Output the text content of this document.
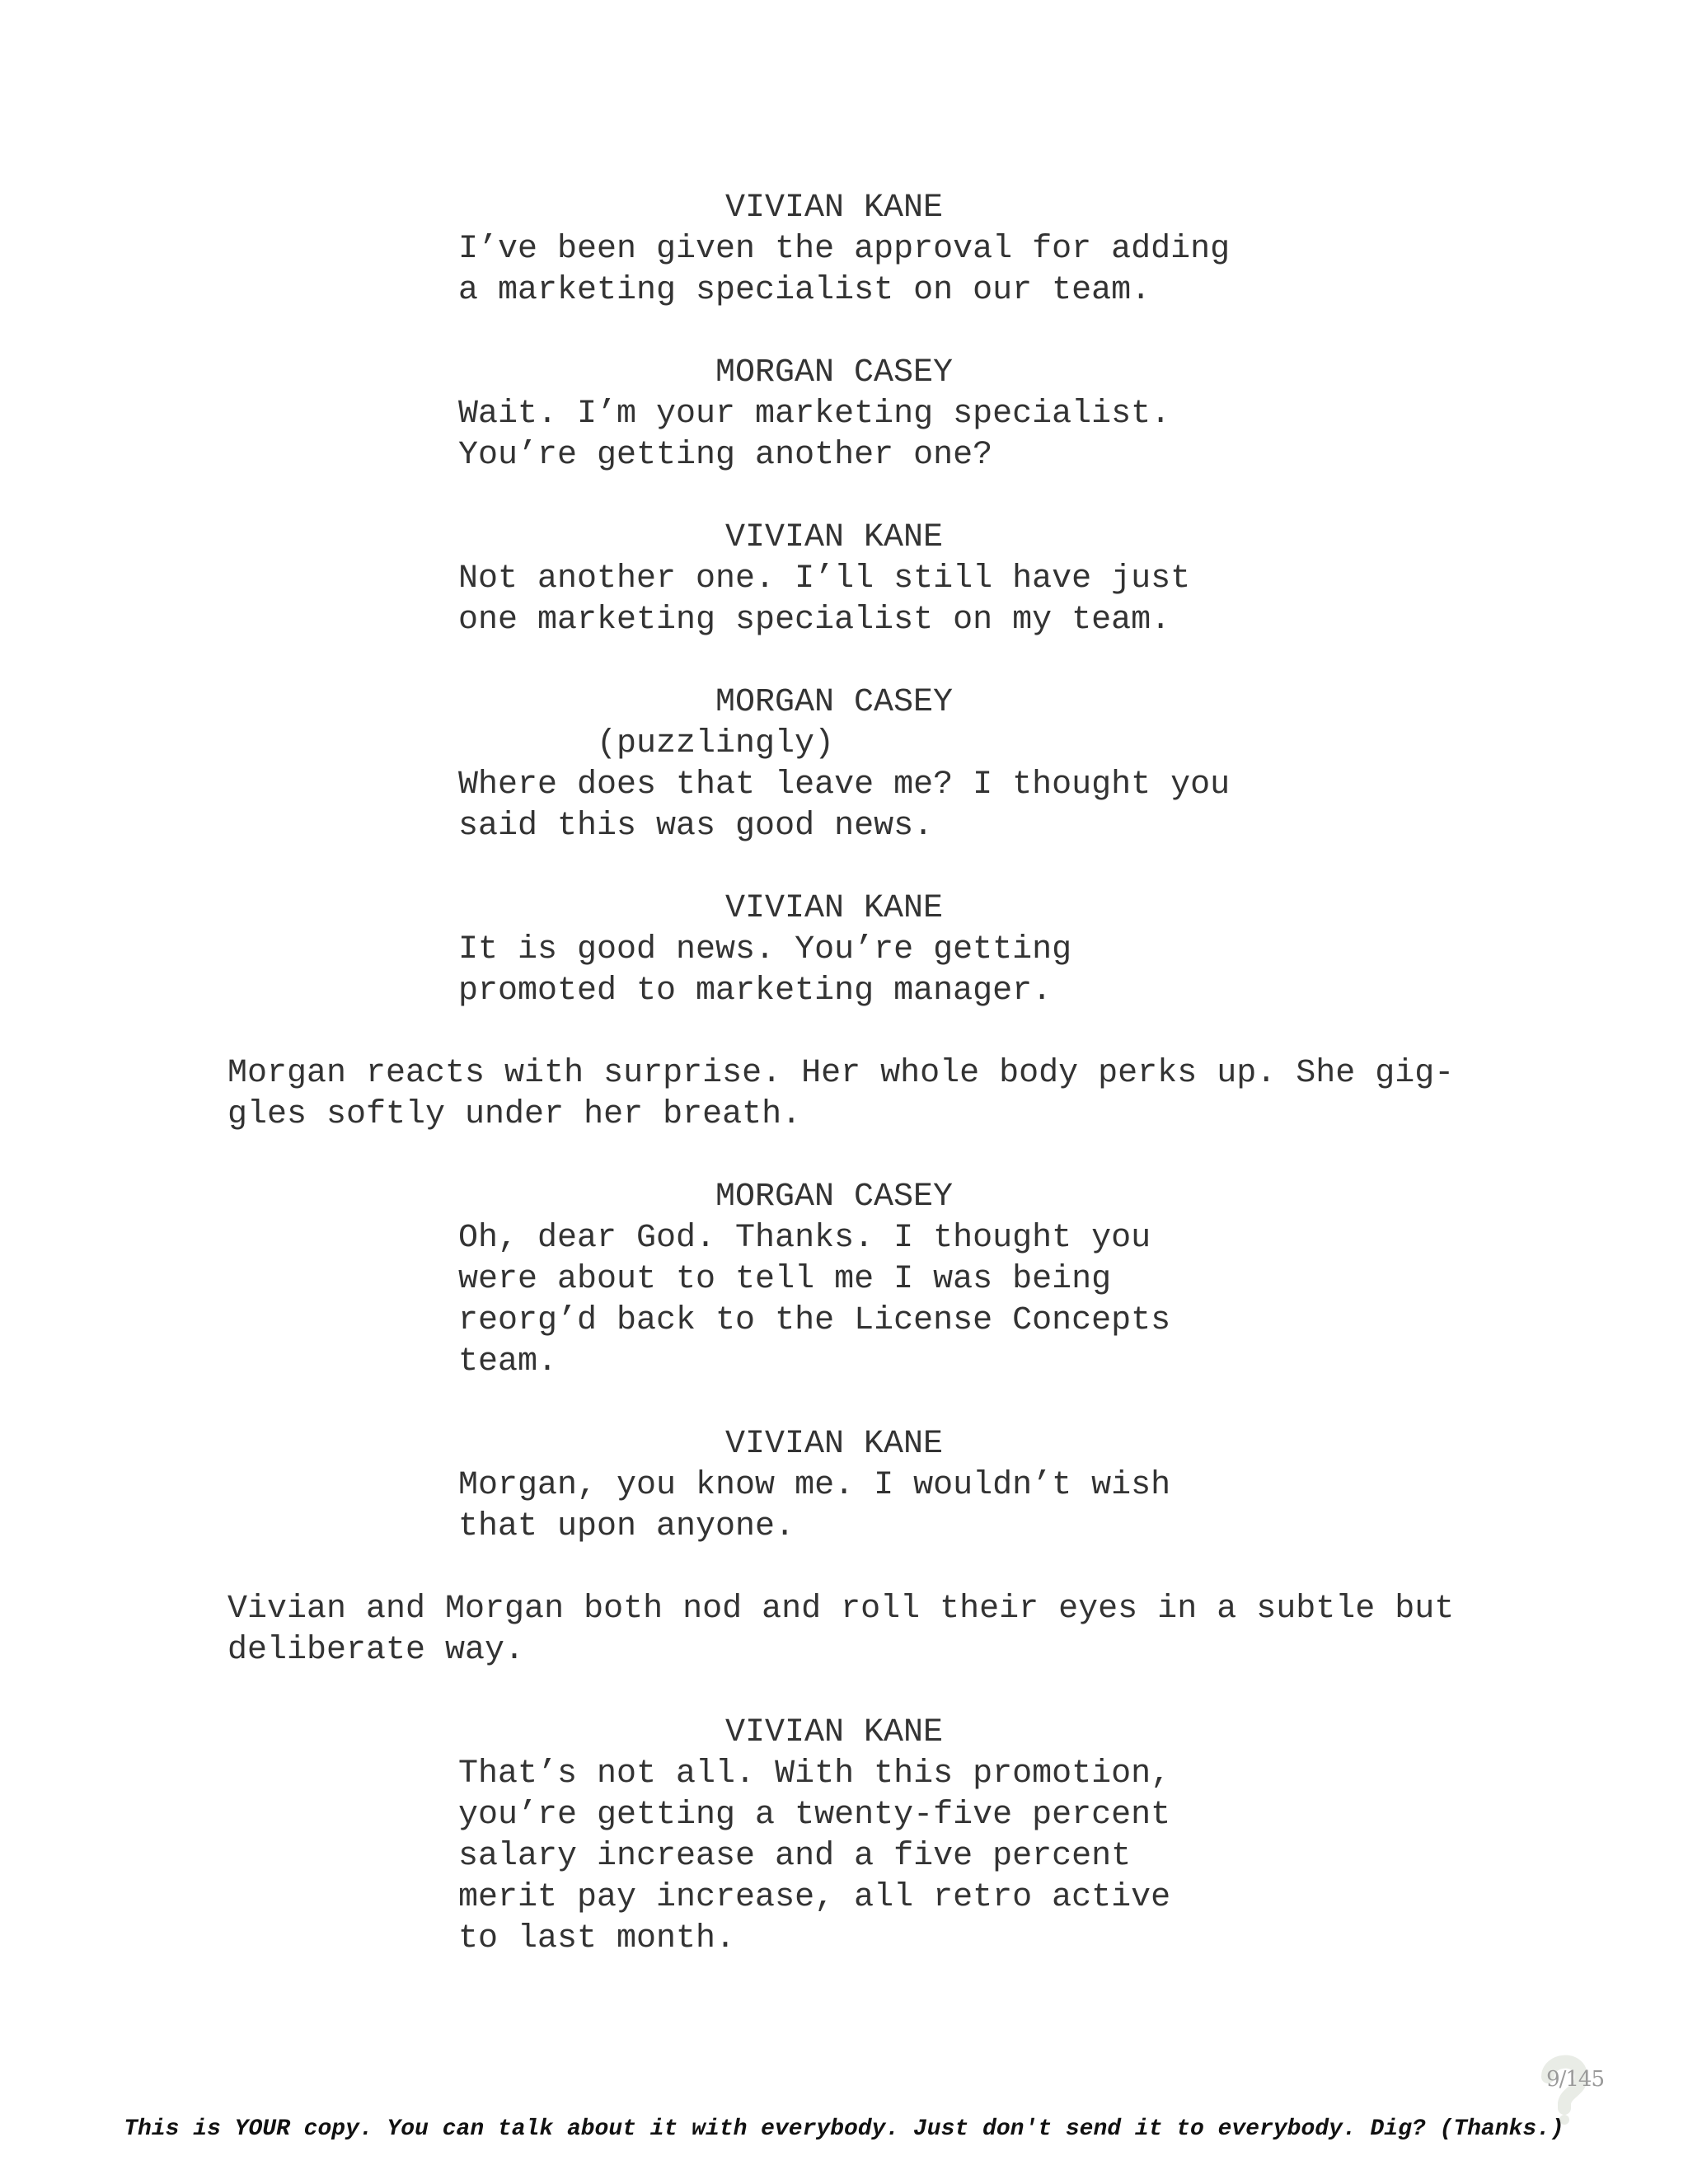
VIVIAN KANE
I’ve been given the approval for adding
a marketing specialist on our team.
MORGAN CASEY
Wait. I’m your marketing specialist.
You’re getting another one?
VIVIAN KANE
Not another one. I’ll still have just
one marketing specialist on my team.
MORGAN CASEY
(puzzlingly)
Where does that leave me? I thought you
said this was good news.
VIVIAN KANE
It is good news. You’re getting
promoted to marketing manager.
Morgan reacts with surprise. Her whole body perks up. She gig-
gles softly under her breath.
MORGAN CASEY
Oh, dear God. Thanks. I thought you
were about to tell me I was being
reorg’d back to the License Concepts
team.
VIVIAN KANE
Morgan, you know me. I wouldn’t wish
that upon anyone.
Vivian and Morgan both nod and roll their eyes in a subtle but
deliberate way.
VIVIAN KANE
That’s not all. With this promotion,
you’re getting a twenty-five percent
salary increase and a five percent
merit pay increase, all retro active
to last month.
9/145
This is YOUR copy. You can talk about it with everybody. Just don't send it to everybody. Dig? (Thanks.)
